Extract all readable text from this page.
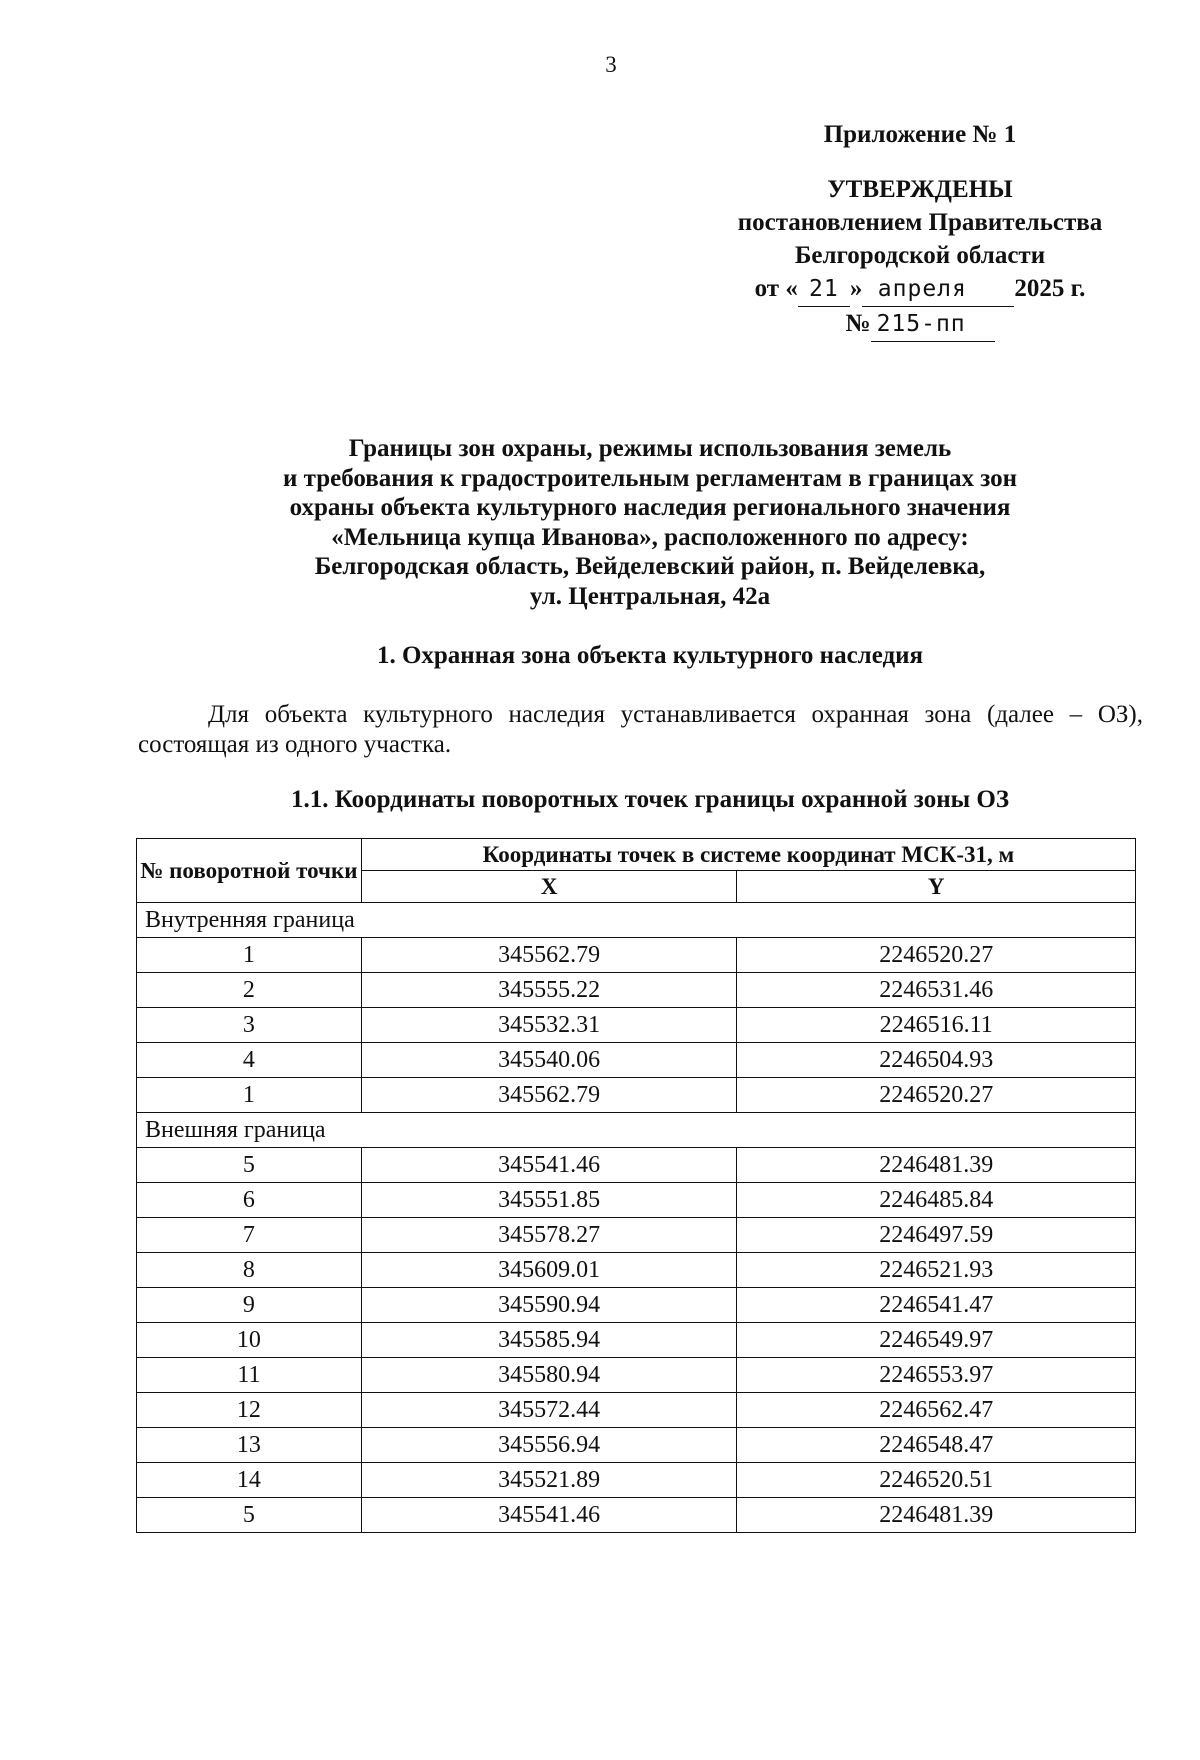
3
Приложение № 1
УТВЕРЖДЕНЫ
постановлением Правительства
Белгородской области
от « 21 » апреля 2025 г.
№ 215-пп
Границы зон охраны, режимы использования земель
и требования к градостроительным регламентам в границах зон
охраны объекта культурного наследия регионального значения
«Мельница купца Иванова», расположенного по адресу:
Белгородская область, Вейделевский район, п. Вейделевка,
ул. Центральная, 42а
1. Охранная зона объекта культурного наследия
Для объекта культурного наследия устанавливается охранная зона (далее – ОЗ), состоящая из одного участка.
1.1. Координаты поворотных точек границы охранной зоны ОЗ
№ поворотной точки	Координаты точек в системе координат МСК-31, м	
	X	Y
Внутренняя граница		
1	345562.79	2246520.27
2	345555.22	2246531.46
3	345532.31	2246516.11
4	345540.06	2246504.93
1	345562.79	2246520.27
Внешняя граница		
5	345541.46	2246481.39
6	345551.85	2246485.84
7	345578.27	2246497.59
8	345609.01	2246521.93
9	345590.94	2246541.47
10	345585.94	2246549.97
11	345580.94	2246553.97
12	345572.44	2246562.47
13	345556.94	2246548.47
14	345521.89	2246520.51
5	345541.46	2246481.39
